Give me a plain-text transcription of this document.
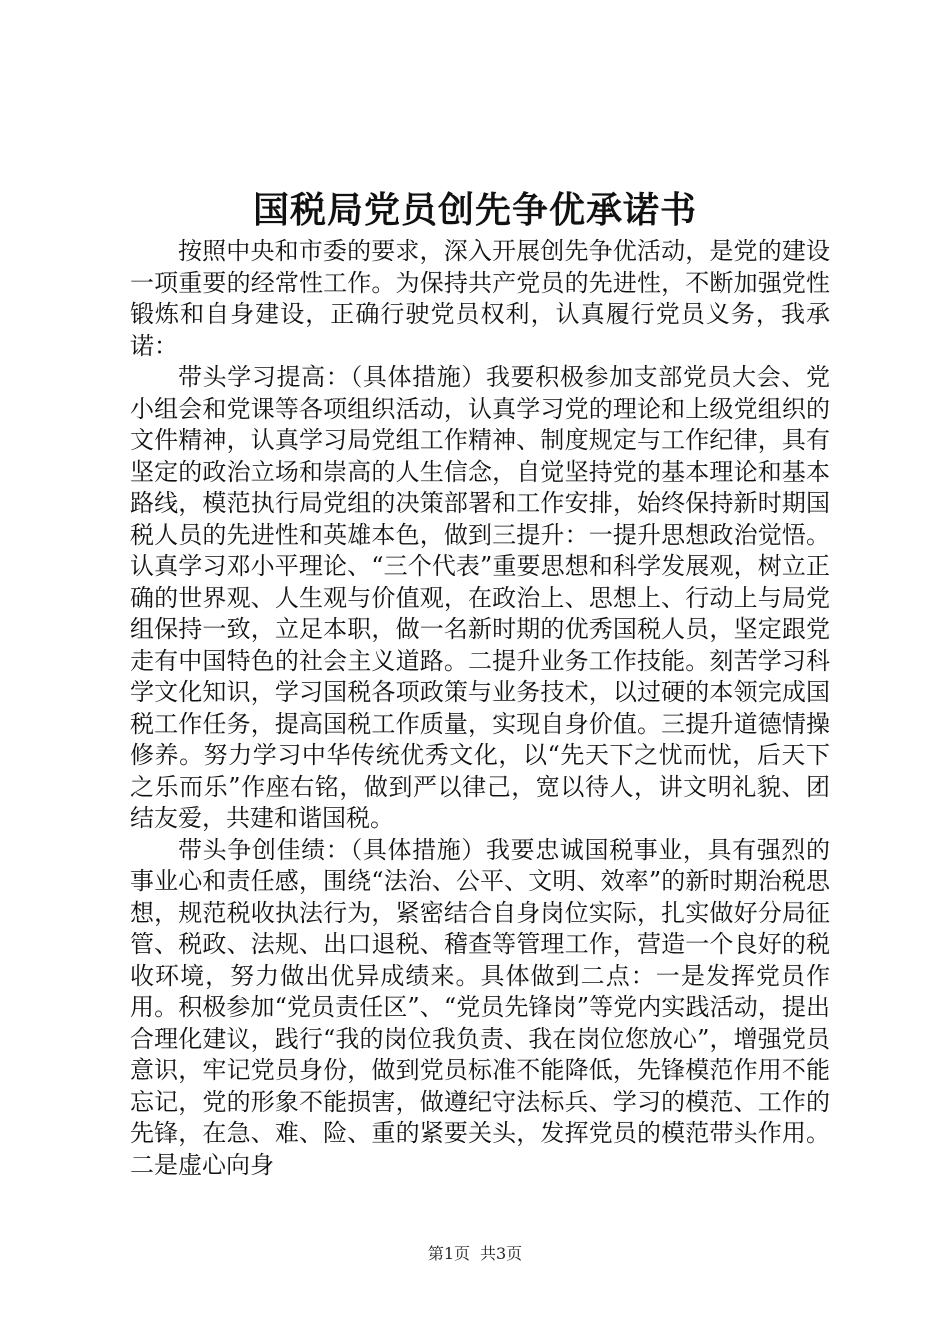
国税局党员创先争优承诺书

按照中央和市委的要求，深入开展创先争优活动，是党的建设一项重要的经常性工作。为保持共产党员的先进性，不断加强党性锻炼和自身建设，正确行驶党员权利，认真履行党员义务，我承诺：

带头学习提高：（具体措施）我要积极参加支部党员大会、党小组会和党课等各项组织活动，认真学习党的理论和上级党组织的文件精神，认真学习局党组工作精神、制度规定与工作纪律，具有坚定的政治立场和崇高的人生信念，自觉坚持党的基本理论和基本路线，模范执行局党组的决策部署和工作安排，始终保持新时期国税人员的先进性和英雄本色，做到三提升：一提升思想政治觉悟。认真学习邓小平理论、“三个代表”重要思想和科学发展观，树立正确的世界观、人生观与价值观，在政治上、思想上、行动上与局党组保持一致，立足本职，做一名新时期的优秀国税人员，坚定跟党走有中国特色的社会主义道路。二提升业务工作技能。刻苦学习科学文化知识，学习国税各项政策与业务技术，以过硬的本领完成国税工作任务，提高国税工作质量，实现自身价值。三提升道德情操修养。努力学习中华传统优秀文化，以“先天下之忧而忧，后天下之乐而乐”作座右铭，做到严以律己，宽以待人，讲文明礼貌、团结友爱，共建和谐国税。

带头争创佳绩：（具体措施）我要忠诚国税事业，具有强烈的事业心和责任感，围绕“法治、公平、文明、效率”的新时期治税思想，规范税收执法行为，紧密结合自身岗位实际，扎实做好分局征管、税政、法规、出口退税、稽查等管理工作，营造一个良好的税收环境，努力做出优异成绩来。具体做到二点：一是发挥党员作用。积极参加“党员责任区”、“党员先锋岗”等党内实践活动，提出合理化建议，践行“我的岗位我负责、我在岗位您放心”，增强党员意识，牢记党员身份，做到党员标准不能降低，先锋模范作用不能忘记，党的形象不能损害，做遵纪守法标兵、学习的模范、工作的先锋，在急、难、险、重的紧要关头，发挥党员的模范带头作用。二是虚心向身

第1页 共3页
